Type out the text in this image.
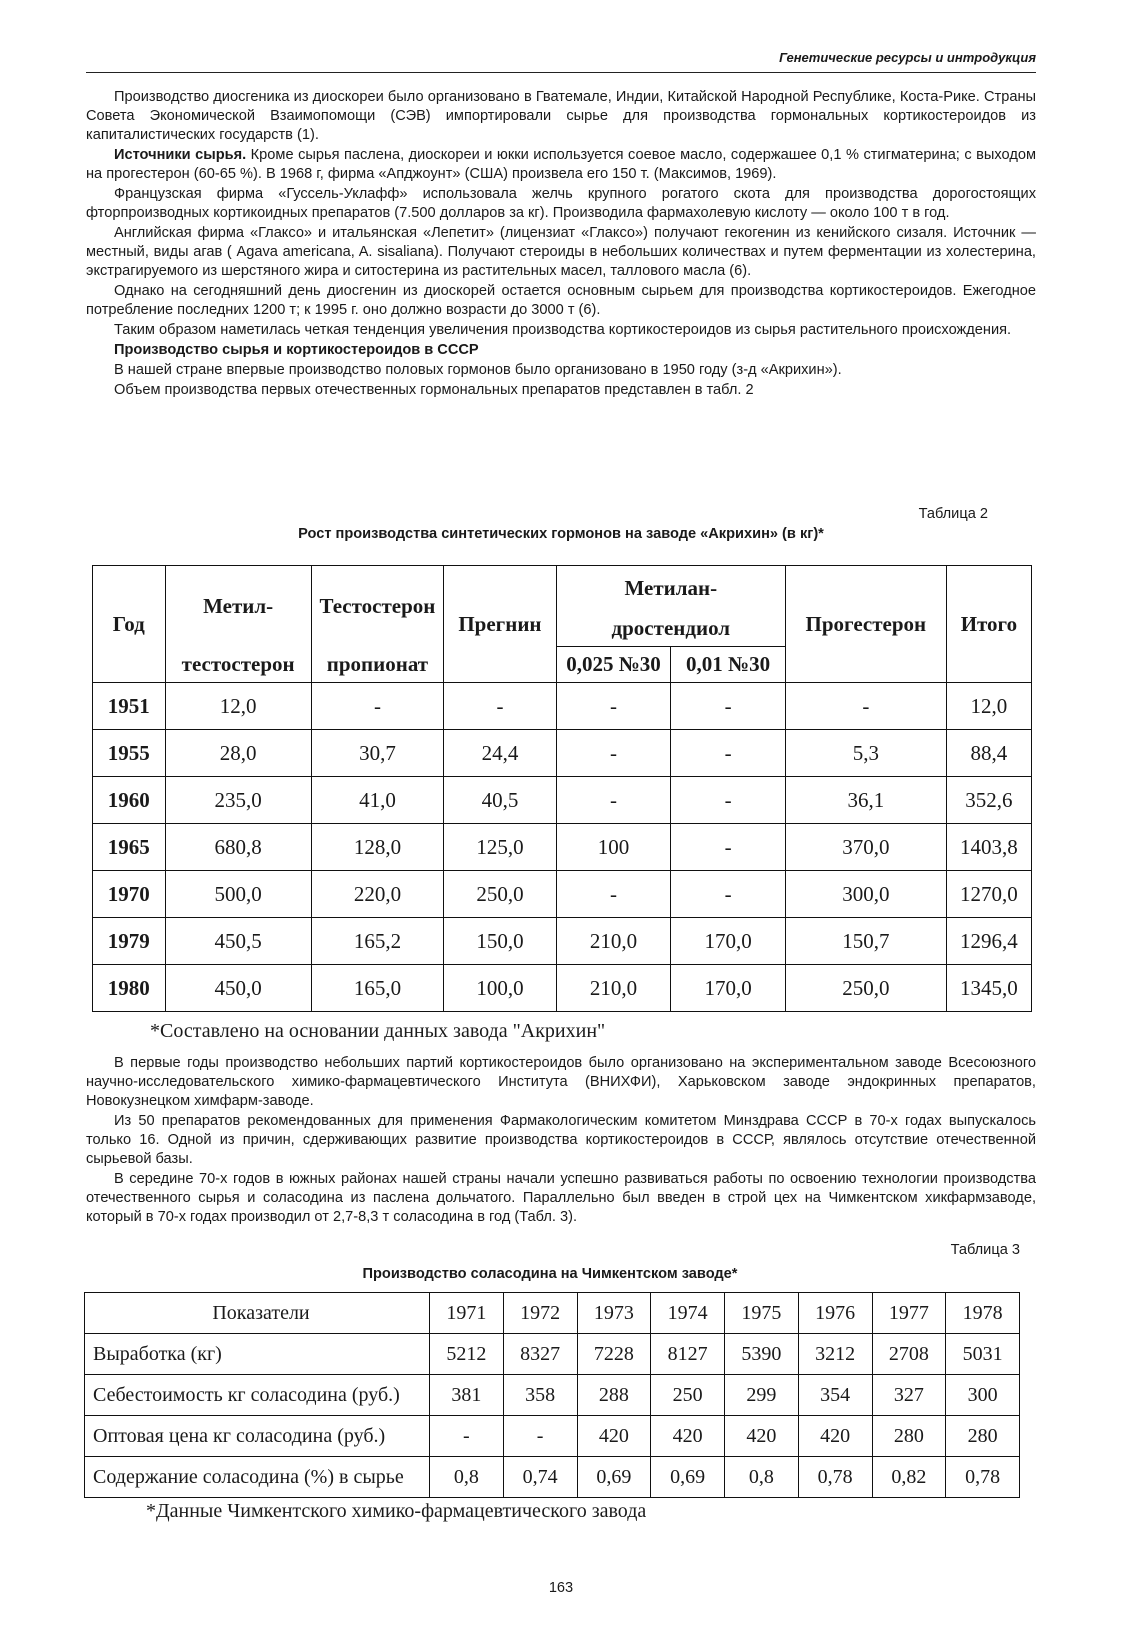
Генетические ресурсы и интродукция

Производство диосгеника из диоскореи было организовано в Гватемале, Индии, Китайской Народной Республике, Коста-Рике. Страны Совета Экономической Взаимопомощи (СЭВ) импортировали сырье для производства гормональных кортикостероидов из капиталистических государств (1).

Источники сырья. Кроме сырья паслена, диоскореи и юкки используется соевое масло, содержашее 0,1 % стигматерина; с выходом на прогестерон (60-65 %). В 1968 г, фирма «Апджоунт» (США) произвела его 150 т. (Максимов, 1969).

Французская фирма «Гуссель-Уклафф» использовала желчь крупного рогатого скота для производства дорогостоящих фторпроизводных кортикоидных препаратов (7.500 долларов за кг). Производила фармахолевую кислоту — около 100 т в год.

Английская фирма «Глаксо» и итальянская «Лепетит» (лицензиат «Глаксо») получают гекогенин из кенийского сизаля. Источник — местный, виды агав ( Agava americana, A. sisaliana). Получают стероиды в небольших количествах и путем ферментации из холестерина, экстрагируемого из шерстяного жира и ситостерина из растительных масел, таллового масла (6).

Однако на сегодняшний день диосгенин из диоскорей остается основным сырьем для производства кортикостероидов. Ежегодное потребление последних 1200 т; к 1995 г. оно должно возрасти до 3000 т (6).

Таким образом наметилась четкая тенденция увеличения производства кортикостероидов из сырья растительного происхождения.

Производство сырья и кортикостероидов в СССР

В нашей стране впервые производство половых гормонов было организовано в 1950 году (з-д «Акрихин»).

Объем производства первых отечественных гормональных препаратов представлен в табл. 2

Таблица 2
Рост производства синтетических гормонов на заводе «Акрихин» (в кг)*
Год	Метил-	Тестостерон	Прегнин	Метилан-		Прогестерон	Итого
				дростендиол			
	тестостерон	пропионат		0,025 №30	0,01 №30		
1951	12,0	-	-	-	-	-	12,0
1955	28,0	30,7	24,4	-	-	5,3	88,4
1960	235,0	41,0	40,5	-	-	36,1	352,6
1965	680,8	128,0	125,0	100	-	370,0	1403,8
1970	500,0	220,0	250,0	-	-	300,0	1270,0
1979	450,5	165,2	150,0	210,0	170,0	150,7	1296,4
1980	450,0	165,0	100,0	210,0	170,0	250,0	1345,0
*Составлено на основании данных завода "Акрихин"

В первые годы производство небольших партий кортикостероидов было организовано на экспериментальном заводе Всесоюзного научно-исследовательского химико-фармацевтического Института (ВНИХФИ), Харьковском заводе эндокринных препаратов, Новокузнецком химфарм-заводе.

Из 50 препаратов рекомендованных для применения Фармакологическим комитетом Минздрава СССР в 70-х годах выпускалось только 16. Одной из причин, сдерживающих развитие производства кортикостероидов в СССР, являлось отсутствие отечественной сырьевой базы.

В середине 70-х годов в южных районах нашей страны начали успешно развиваться работы по освоению технологии производства отечественного сырья и соласодина из паслена дольчатого. Параллельно был введен в строй цех на Чимкентском хикфармзаводе, который в 70-х годах производил от 2,7-8,3 т соласодина в год (Табл. 3).

Таблица 3
Производство соласодина на Чимкентском заводе*
Показатели	1971	1972	1973	1974	1975	1976	1977	1978
Выработка (кг)	5212	8327	7228	8127	5390	3212	2708	5031
Себестоимость кг соласодина (руб.)	381	358	288	250	299	354	327	300
Оптовая цена кг соласодина (руб.)	-	-	420	420	420	420	280	280
Содержание соласодина (%) в сырье	0,8	0,74	0,69	0,69	0,8	0,78	0,82	0,78
*Данные Чимкентского химико-фармацевтического завода
163
